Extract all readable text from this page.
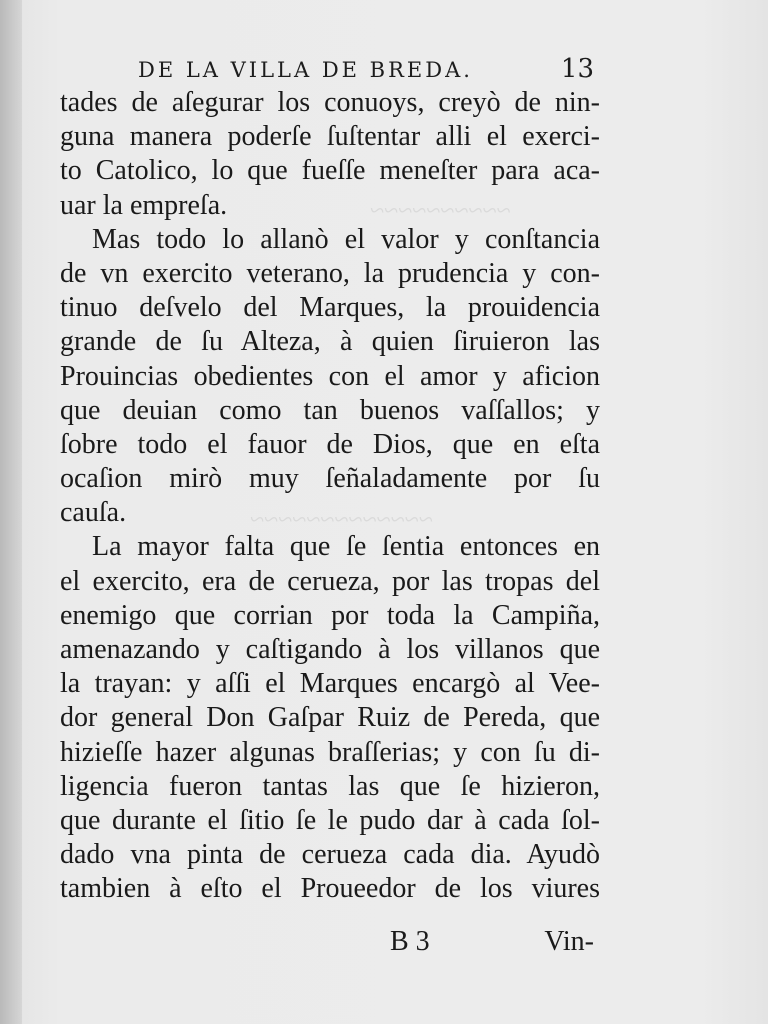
~~~~~~~~~~
~~~~~~~~~~~~~
DE LA VILLA DE BREDA.	13
tades de aſegurar los conuoys, creyò de nin-
guna manera poderſe ſuſtentar alli el exerci-
to Catolico, lo que fueſſe meneſter para aca-
uar la empreſa.
Mas todo lo allanò el valor y conſtancia
de vn exercito veterano, la prudencia y con-
tinuo deſvelo del Marques, la prouidencia
grande de ſu Alteza, à quien ſiruieron las
Prouincias obedientes con el amor y aficion
que deuian como tan buenos vaſſallos; y
ſobre todo el fauor de Dios, que en eſta
ocaſion mirò muy ſeñaladamente por ſu
cauſa.
La mayor falta que ſe ſentia entonces en
el exercito, era de cerueza, por las tropas del
enemigo que corrian por toda la Campiña,
amenazando y caſtigando à los villanos que
la trayan: y aſſi el Marques encargò al Vee-
dor general Don Gaſpar Ruiz de Pereda, que
hizieſſe hazer algunas braſſerias; y con ſu di-
ligencia fueron tantas las que ſe hizieron,
que durante el ſitio ſe le pudo dar à cada ſol-
dado vna pinta de cerueza cada dia. Ayudò
tambien à eſto el Proueedor de los viures
B 3	Vin-
